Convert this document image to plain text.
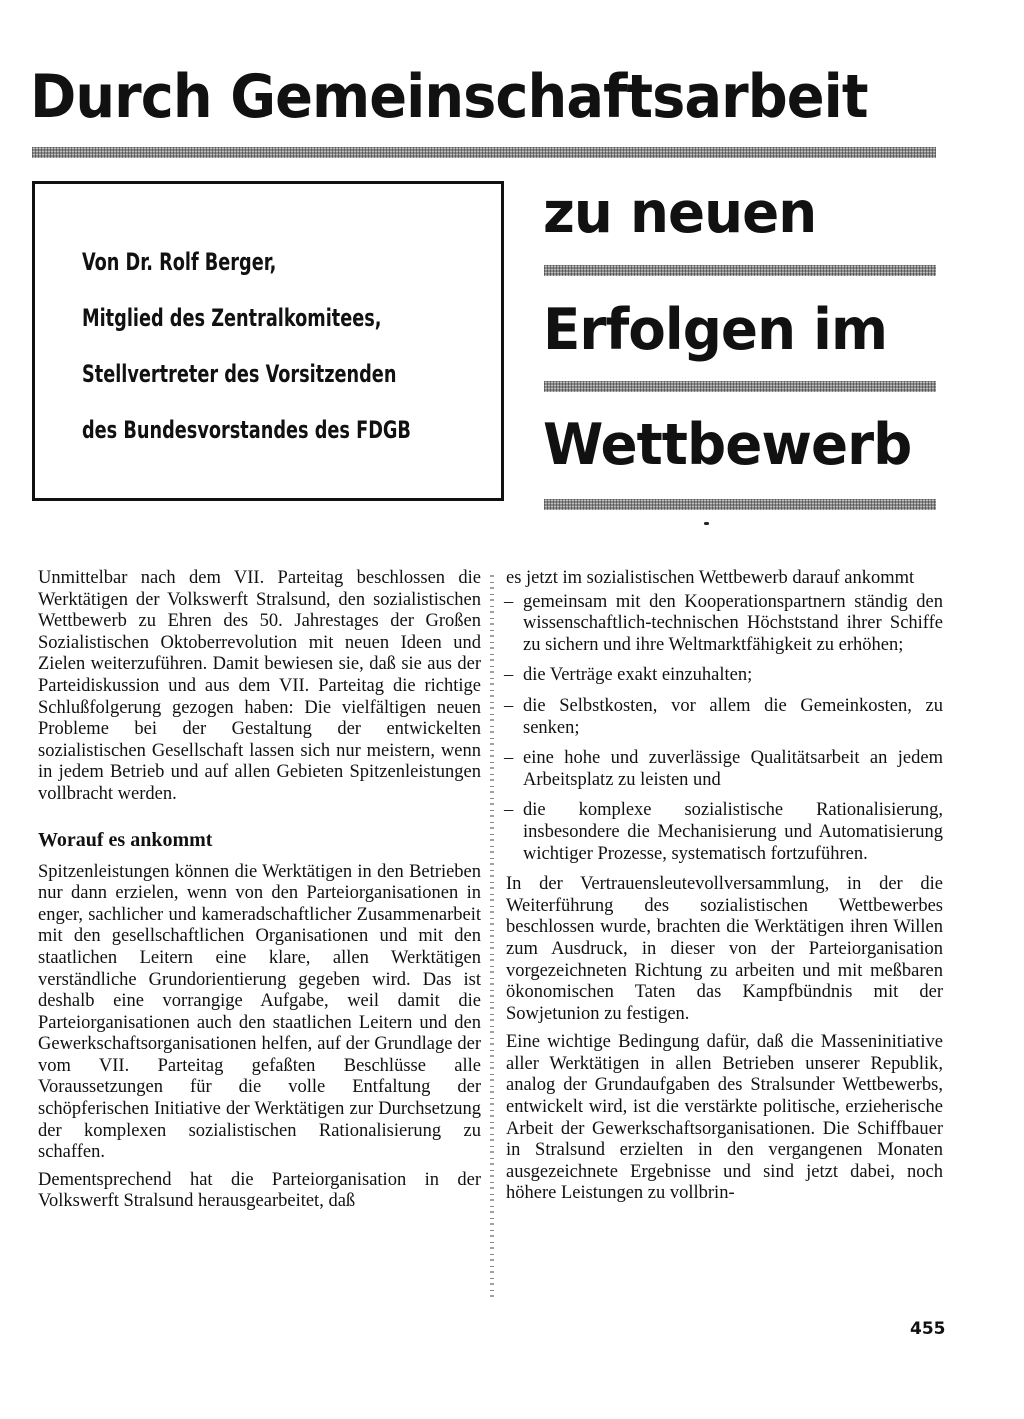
Durch Gemeinschaftsarbeit

Von Dr. Rolf Berger,

Mitglied des Zentralkomitees,

Stellvertreter des Vorsitzenden

des Bundesvorstandes des FDGB

zu neuen
Erfolgen im
Wettbewerb

Unmittelbar nach dem VII. Parteitag beschlossen die Werktätigen der Volkswerft Stralsund, den sozialistischen Wettbewerb zu Ehren des 50. Jahrestages der Großen Sozialistischen Oktoberrevolution mit neuen Ideen und Zielen weiterzuführen. Damit bewiesen sie, daß sie aus der Parteidiskussion und aus dem VII. Parteitag die richtige Schlußfolgerung gezogen haben: Die vielfältigen neuen Probleme bei der Gestaltung der entwickelten sozialistischen Gesellschaft lassen sich nur meistern, wenn in jedem Betrieb und auf allen Gebieten Spitzenleistungen vollbracht werden.

Worauf es ankommt

Spitzenleistungen können die Werktätigen in den Betrieben nur dann erzielen, wenn von den Parteiorganisationen in enger, sachlicher und kameradschaftlicher Zusammenarbeit mit den gesellschaftlichen Organisationen und mit den staatlichen Leitern eine klare, allen Werktätigen verständliche Grundorientierung gegeben wird. Das ist deshalb eine vorrangige Aufgabe, weil damit die Parteiorganisationen auch den staatlichen Leitern und den Gewerkschaftsorganisationen helfen, auf der Grundlage der vom VII. Parteitag gefaßten Beschlüsse alle Voraussetzungen für die volle Entfaltung der schöpferischen Initiative der Werktätigen zur Durchsetzung der komplexen sozialistischen Rationalisierung zu schaffen.

Dementsprechend hat die Parteiorganisation in der Volkswerft Stralsund herausgearbeitet, daß

es jetzt im sozialistischen Wettbewerb darauf ankommt

– gemeinsam mit den Kooperationspartnern ständig den wissenschaftlich-technischen Höchststand ihrer Schiffe zu sichern und ihre Weltmarktfähigkeit zu erhöhen;
– die Verträge exakt einzuhalten;
– die Selbstkosten, vor allem die Gemeinkosten, zu senken;
– eine hohe und zuverlässige Qualitätsarbeit an jedem Arbeitsplatz zu leisten und
– die komplexe sozialistische Rationalisierung, insbesondere die Mechanisierung und Automatisierung wichtiger Prozesse, systematisch fortzuführen.

In der Vertrauensleutevollversammlung, in der die Weiterführung des sozialistischen Wettbewerbes beschlossen wurde, brachten die Werktätigen ihren Willen zum Ausdruck, in dieser von der Parteiorganisation vorgezeichneten Richtung zu arbeiten und mit meßbaren ökonomischen Taten das Kampfbündnis mit der Sowjetunion zu festigen.

Eine wichtige Bedingung dafür, daß die Masseninitiative aller Werktätigen in allen Betrieben unserer Republik, analog der Grundaufgaben des Stralsunder Wettbewerbs, entwickelt wird, ist die verstärkte politische, erzieherische Arbeit der Gewerkschaftsorganisationen. Die Schiffbauer in Stralsund erzielten in den vergangenen Monaten ausgezeichnete Ergebnisse und sind jetzt dabei, noch höhere Leistungen zu vollbrin-

455
